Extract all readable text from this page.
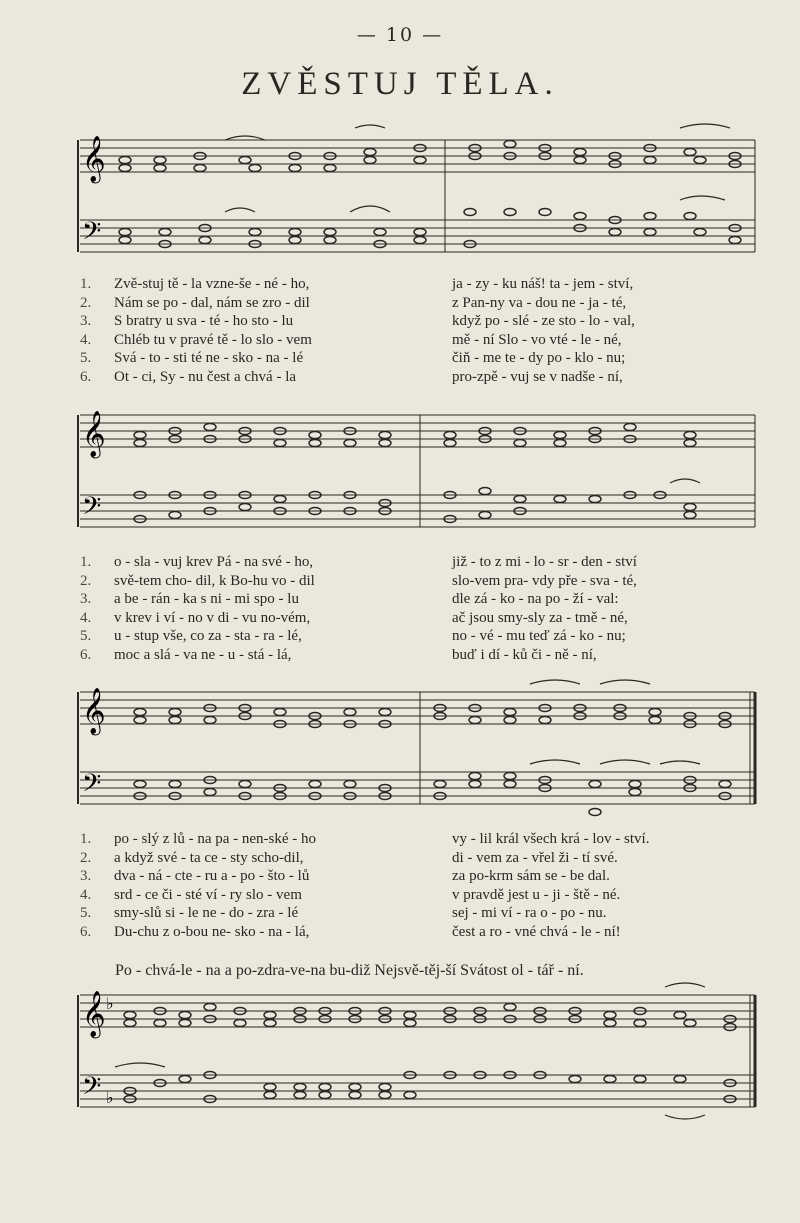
— 10 —
ZVĚSTUJ TĚLA.
𝄞
𝄢
1.	Zvě-stuj tě - la vzne-še - né - ho,	ja - zy - ku náš! ta - jem - ství,
2.	Nám se po - dal, nám se zro - dil	z Pan-ny va - dou ne - ja - té,
3.	S bratry u sva - té - ho sto - lu	když po - slé - ze sto - lo - val,
4.	Chléb tu v pravé tě - lo slo - vem	mě - ní Slo - vo vté - le - né,
5.	Svá - to - sti té ne - sko - na - lé	čiň - me te - dy po - klo - nu;
6.	Ot - ci, Sy - nu čest a chvá - la	pro-zpě - vuj se v nadše - ní,
𝄞
𝄢
1.	o - sla - vuj krev Pá - na své - ho,	již - to z mi - lo - sr - den - ství
2.	svě-tem cho- dil, k Bo-hu vo - dil	slo-vem pra- vdy pře - sva - té,
3.	a be - rán - ka s ni - mi spo - lu	dle zá - ko - na po - ží - val:
4.	v krev i ví - no v di - vu no-vém,	ač jsou smy-sly za - tmě - né,
5.	u - stup vše, co za - sta - ra - lé,	no - vé - mu teď zá - ko - nu;
6.	moc a slá - va ne - u - stá - lá,	buď i dí - ků či - ně - ní,
𝄞
𝄢
1.	po - slý z lů - na pa - nen-ské - ho	vy - lil král všech krá - lov - ství.
2.	a když své - ta ce - sty scho-dil,	di - vem za - vřel ži - tí své.
3.	dva - ná - cte - ru a - po - što - lů	za po-krm sám se - be dal.
4.	srd - ce či - sté ví - ry slo - vem	v pravdě jest u - ji - ště - né.
5.	smy-slů si - le ne - do - zra - lé	sej - mi ví - ra o - po - nu.
6.	Du-chu z o-bou ne- sko - na - lá,	čest a ro - vné chvá - le - ní!
Po - chvá-le - na a po-zdra-ve-na bu-diž Nejsvě-těj-ší Svátost ol - tář - ní.
𝄞
𝄢
♭
♭
